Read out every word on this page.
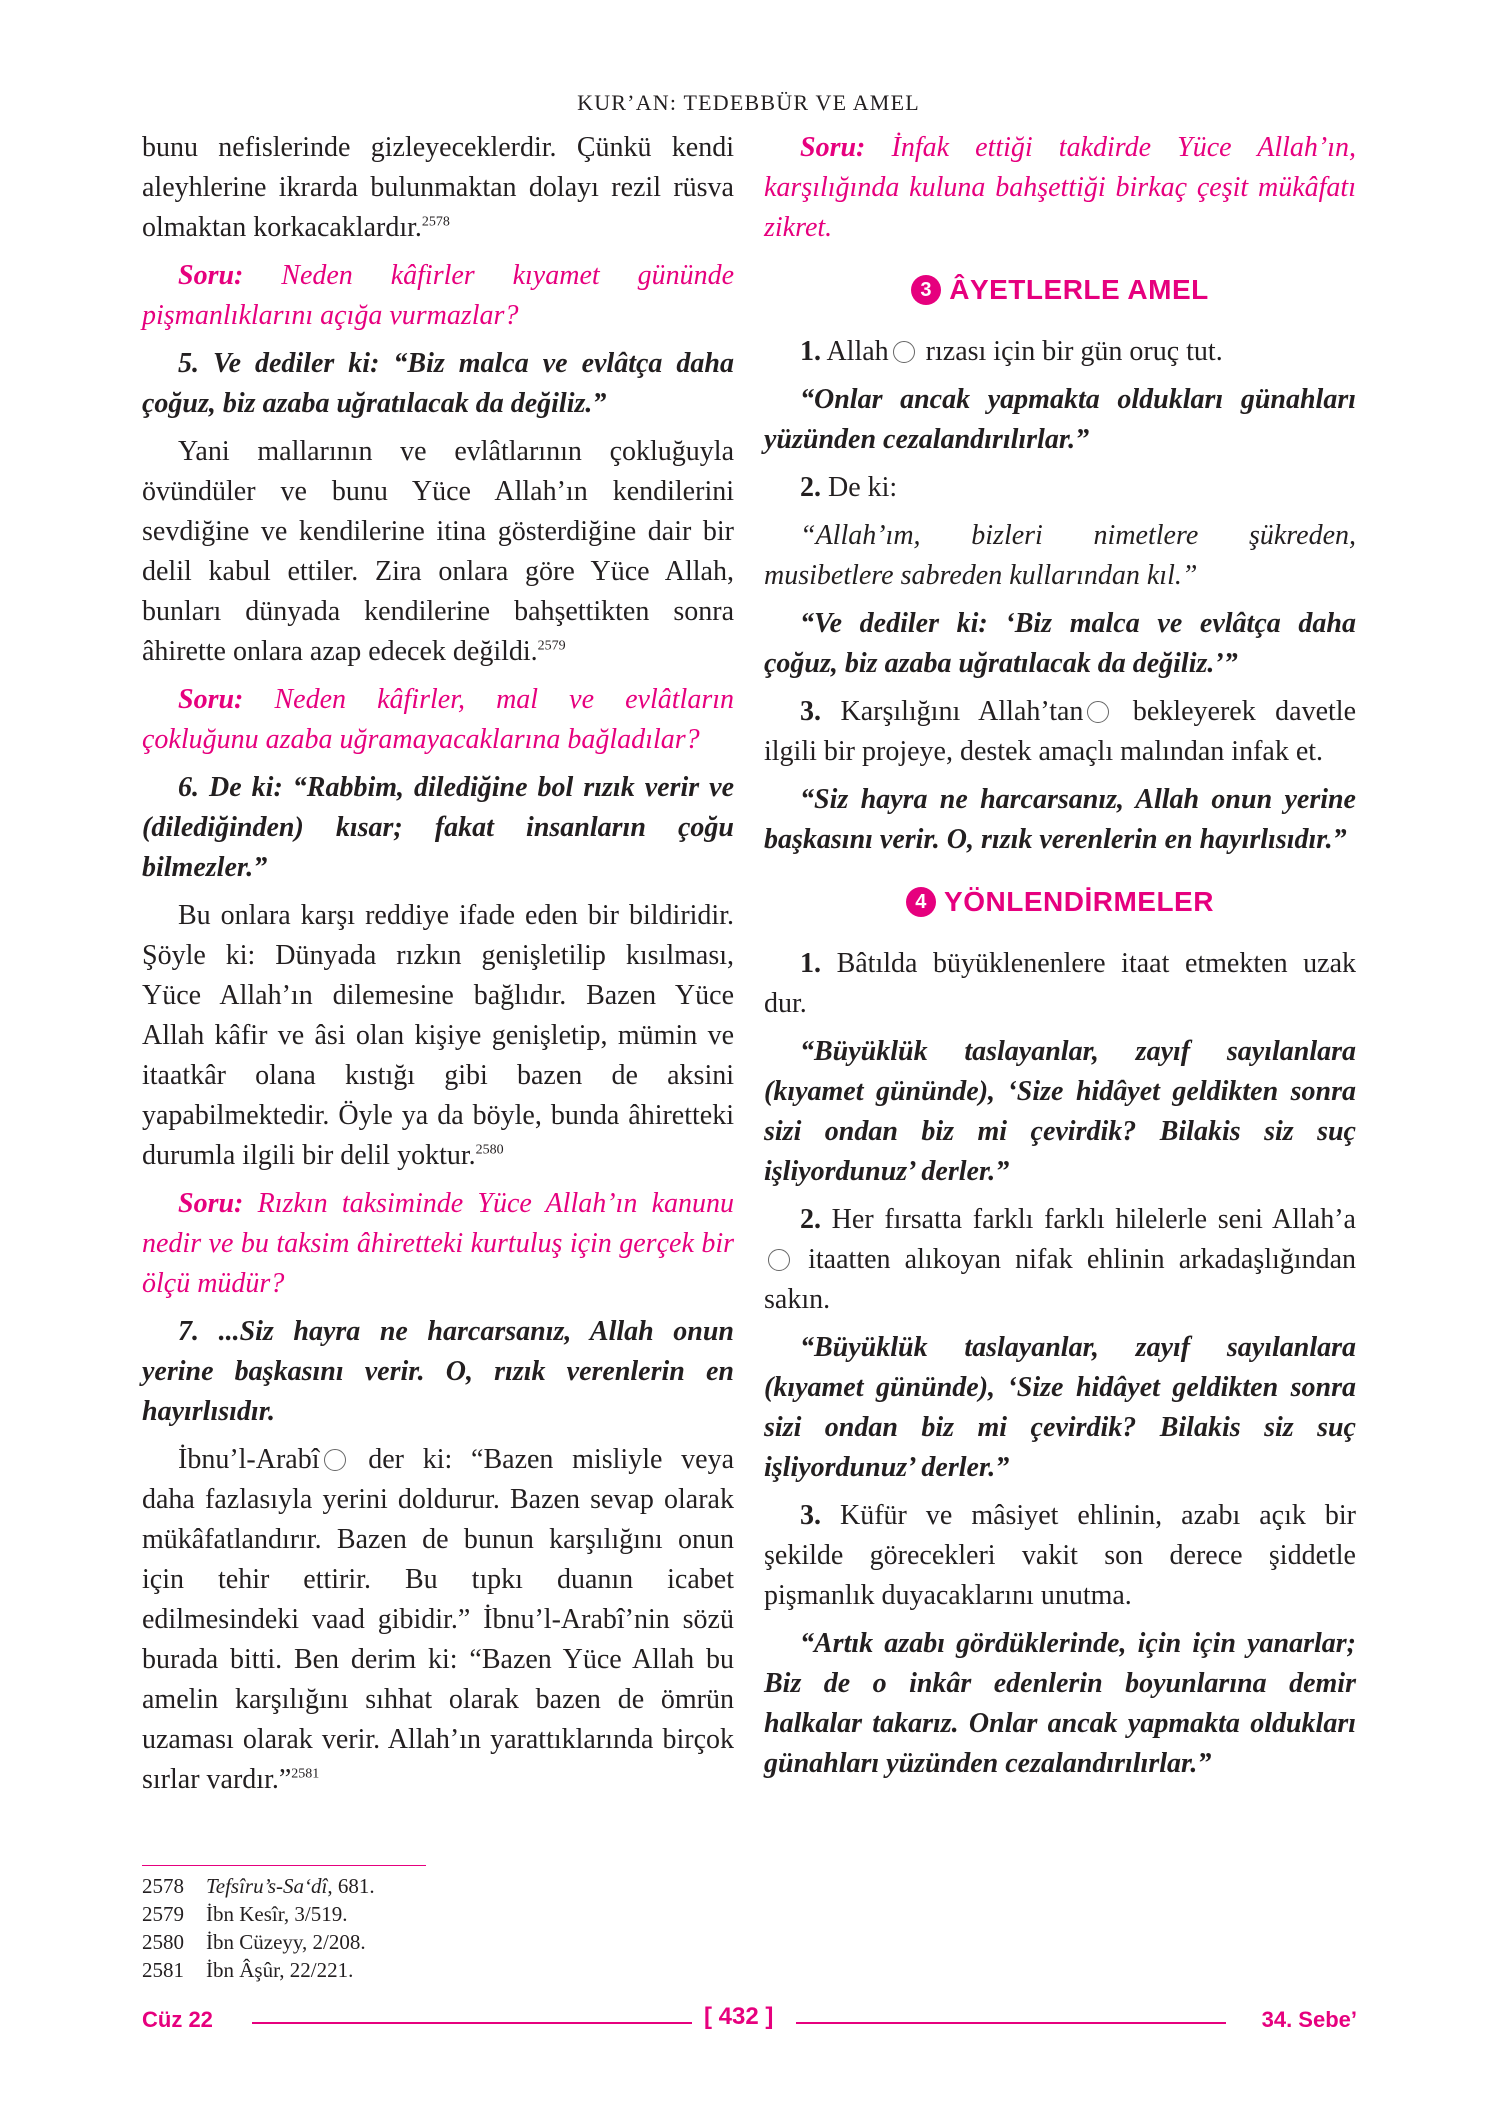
KUR’AN: TEDEBBÜR VE AMEL

bunu nefislerinde gizleyeceklerdir. Çünkü kendi aleyhlerine ikrarda bulunmaktan dolayı rezil rüsva olmaktan korkacaklardır.$^{2578}$

Soru: Neden kâfirler kıyamet gününde pişmanlıklarını açığa vurmazlar?

5. Ve dediler ki: “Biz malca ve evlâtça daha çoğuz, biz azaba uğratılacak da değiliz.”

Yani mallarının ve evlâtlarının çokluğuyla övündüler ve bunu Yüce Allah’ın kendilerini sevdiğine ve kendilerine itina gösterdiğine dair bir delil kabul ettiler. Zira onlara göre Yüce Allah, bunları dünyada kendilerine bahşettikten sonra âhirette onlara azap edecek değildi.$^{2579}$

Soru: Neden kâfirler, mal ve evlâtların çokluğunu azaba uğramayacaklarına bağladılar?

6. De ki: “Rabbim, dilediğine bol rızık verir ve (dilediğinden) kısar; fakat insanların çoğu bilmezler.”

Bu onlara karşı reddiye ifade eden bir bildiridir. Şöyle ki: Dünyada rızkın genişletilip kısılması, Yüce Allah’ın dilemesine bağlıdır. Bazen Yüce Allah kâfir ve âsi olan kişiye genişletip, mümin ve itaatkâr olana kıstığı gibi bazen de aksini yapabilmektedir. Öyle ya da böyle, bunda âhiretteki durumla ilgili bir delil yoktur.$^{2580}$

Soru: Rızkın taksiminde Yüce Allah’ın kanunu nedir ve bu taksim âhiretteki kurtuluş için gerçek bir ölçü müdür?

7. ...Siz hayra ne harcarsanız, Allah onun yerine başkasını verir. O, rızık verenlerin en hayırlısıdır.

İbnu’l-Arabî der ki: “Bazen misliyle veya daha fazlasıyla yerini doldurur. Bazen sevap olarak mükâfatlandırır. Bazen de bunun karşılığını onun için tehir ettirir. Bu tıpkı duanın icabet edilmesindeki vaad gibidir.” İbnu’l-Arabî’nin sözü burada bitti. Ben derim ki: “Bazen Yüce Allah bu amelin karşılığını sıhhat olarak bazen de ömrün uzaması olarak verir. Allah’ın yarattıklarında birçok sırlar vardır.”$^{2581}$

Soru: İnfak ettiği takdirde Yüce Allah’ın, karşılığında kuluna bahşettiği birkaç çeşit mükâfatı zikret.

3 ÂYETLERLE AMEL

1. Allah rızası için bir gün oruç tut.

“Onlar ancak yapmakta oldukları günahları yüzünden cezalandırılırlar.”

2. De ki:

“Allah’ım, bizleri nimetlere şükreden, musibetlere sabreden kullarından kıl.”

“Ve dediler ki: ‘Biz malca ve evlâtça daha çoğuz, biz azaba uğratılacak da değiliz.’”

3. Karşılığını Allah’tan bekleyerek davetle ilgili bir projeye, destek amaçlı malından infak et.

“Siz hayra ne harcarsanız, Allah onun yerine başkasını verir. O, rızık verenlerin en hayırlısıdır.”

4 YÖNLENDİRMELER

1. Bâtılda büyüklenenlere itaat etmekten uzak dur.

“Büyüklük taslayanlar, zayıf sayılanlara (kıyamet gününde), ‘Size hidâyet geldikten sonra sizi ondan biz mi çevirdik? Bilakis siz suç işliyordunuz’ derler.”

2. Her fırsatta farklı farklı hilelerle seni Allah’a itaatten alıkoyan nifak ehlinin arkadaşlığından sakın.

“Büyüklük taslayanlar, zayıf sayılanlara (kıyamet gününde), ‘Size hidâyet geldikten sonra sizi ondan biz mi çevirdik? Bilakis siz suç işliyordunuz’ derler.”

3. Küfür ve mâsiyet ehlinin, azabı açık bir şekilde görecekleri vakit son derece şiddetle pişmanlık duyacaklarını unutma.

“Artık azabı gördüklerinde, için için yanarlar; Biz de o inkâr edenlerin boyunlarına demir halkalar takarız. Onlar ancak yapmakta oldukları günahları yüzünden cezalandırılırlar.”

2578 Tefsîru’s-Sa‘dî, 681.
2579 İbn Kesîr, 3/519.
2580 İbn Cüzeyy, 2/208.
2581 İbn Âşûr, 22/221.
Cüz 22	[ 432 ]	34. Sebe’
